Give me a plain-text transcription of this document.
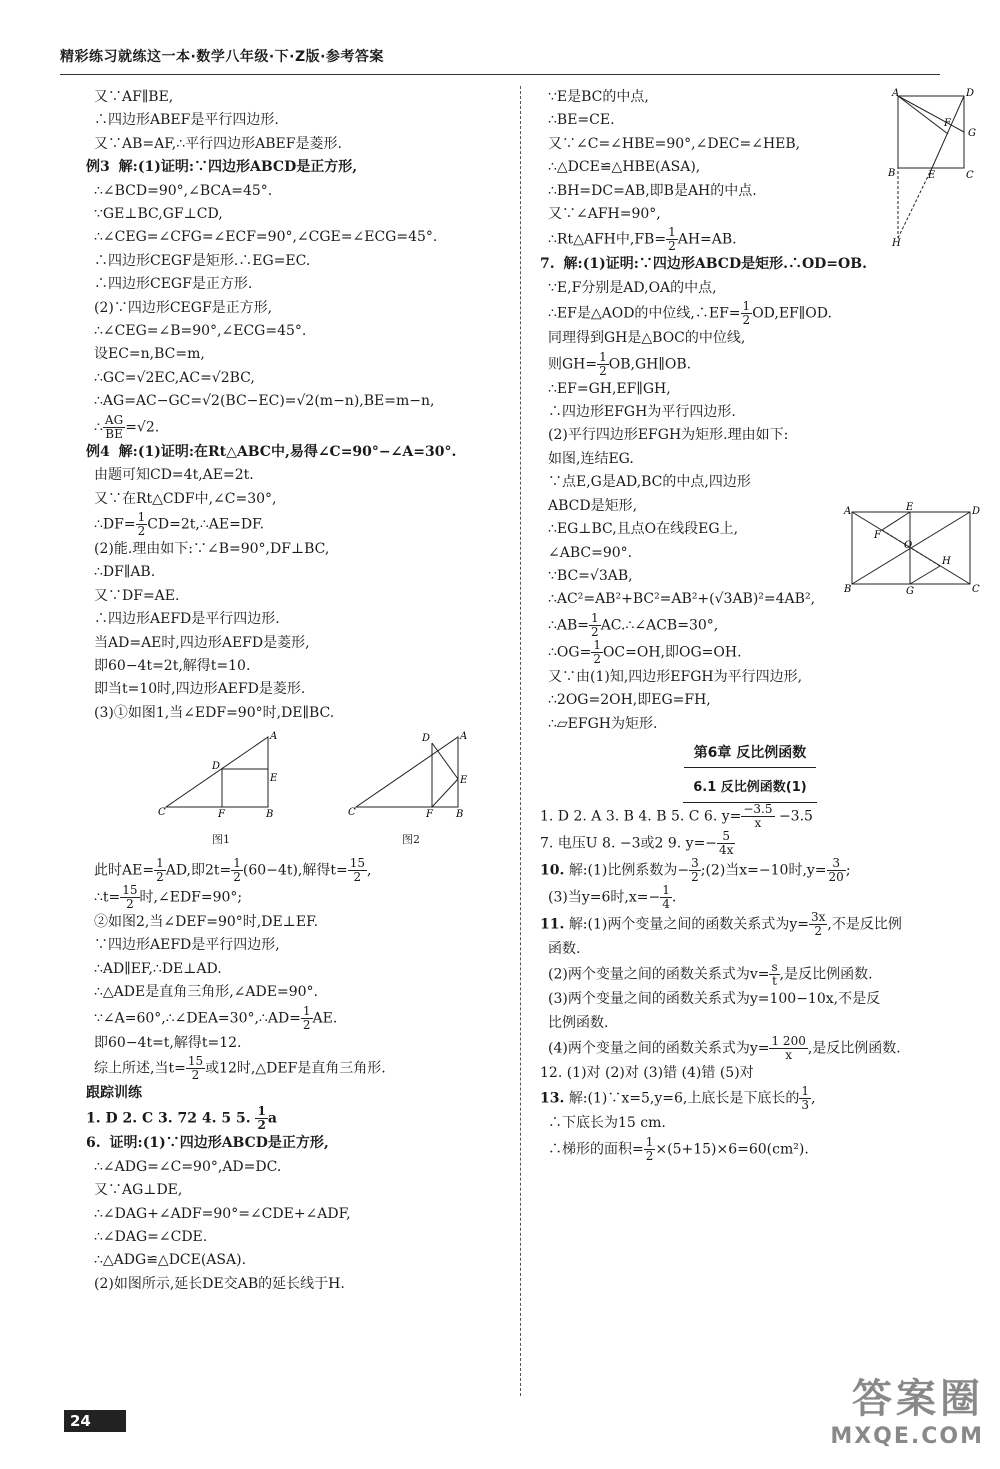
精彩练习就练这一本·数学八年级·下·Z版·参考答案
又∵AF∥BE,
∴四边形ABEF是平行四边形.
又∵AB=AF,∴平行四边形ABEF是菱形.
例3 解:(1)证明:∵四边形ABCD是正方形,
∴∠BCD=90°,∠BCA=45°.
∵GE⊥BC,GF⊥CD,
∴∠CEG=∠CFG=∠ECF=90°,∠CGE=∠ECG=45°.
∴四边形CEGF是矩形.∴EG=EC.
∴四边形CEGF是正方形.
(2)∵四边形CEGF是正方形,
∴∠CEG=∠B=90°,∠ECG=45°.
设EC=n,BC=m,
∴GC=√2EC,AC=√2BC,
∴AG=AC−GC=√2(BC−EC)=√2(m−n),BE=m−n,
∴ $\frac{AG}{BE} =√2$.
例4 解:(1)证明:在Rt△ABC中,易得∠C=90°−∠A=30°.
由题可知CD=4t,AE=2t.
又∵在Rt△CDF中,∠C=30°,
∴DF= $\frac{1}{2}$ CD=2t,∴AE=DF.
(2)能.理由如下:∵∠B=90°,DF⊥BC,
∴DF∥AB.
又∵DF=AE.
∴四边形AEFD是平行四边形.
当AD=AE时,四边形AEFD是菱形,
即60−4t=2t,解得t=10.
即当t=10时,四边形AEFD是菱形.
(3)①如图1,当∠EDF=90°时,DE∥BC.
A
D
E
C	F	B
图1
D	A
E
C	F B
图2
此时$AE= \frac{1}{2}$ AD,即$2t= \frac{1}{2} (60-4t)$,解得$t= \frac{15}{2}$ ,
∴t= $\frac{15}{2}$ 时,∠EDF=90°;
②如图2,当∠DEF=90°时,DE⊥EF.
∵四边形AEFD是平行四边形,
∴AD∥EF,∴DE⊥AD.
∴△ADE是直角三角形,∠ADE=90°.
∵∠A=60°,∴∠DEA=30°,∴AD= $\frac{1}{2}$ AE.
即60−4t=t,解得t=12.
综上所述,当$t= \frac{15}{2}$ 或12时,△DEF是直角三角形.
跟踪训练
1. D 2. C 3. 72 4. 5 5. $\frac{1}{2}$ a
6. 证明:(1)∵四边形ABCD是正方形,
∴∠ADG=∠C=90°,AD=DC.
又∵AG⊥DE,
∴∠DAG+∠ADF=90°=∠CDE+∠ADF,
∴∠DAG=∠CDE.
∴△ADG≌△DCE(ASA).
(2)如图所示,延长DE交AB的延长线于H.
∵E是BC的中点,
∴BE=CE.
又∵∠C=∠HBE=90°,∠DEC=∠HEB,
∴△DCE≌△HBE(ASA),
∴BH=DC=AB,即B是AH的中点.
又∵∠AFH=90°,
∴Rt△AFH中$,FB= \frac{1}{2} AH=AB$.
7. 解:(1)证明:∵四边形ABCD是矩形.∴OD=OB.
∵E,F分别是AD,OA的中点,
∴EF是△AOD的中位线,∴EF= $\frac{1}{2}$ OD,EF∥OD.
同理得到GH是△BOC的中位线,
则$GH= \frac{1}{2}$ OB,GH∥OB.
∴EF=GH,EF∥GH,
∴四边形EFGH为平行四边形.
(2)平行四边形EFGH为矩形.理由如下:
如图,连结EG.
∵点E,G是AD,BC的中点,四边形
ABCD是矩形,
∴EG⊥BC,且点O在线段EG上,
∠ABC=90°.
∵BC=√3AB,
∴AC²=AB²+BC²=AB²+(√3AB)²=4AB²,
∴AB= $\frac{1}{2}$ AC.∴∠ACB=30°,
∴OG= $\frac{1}{2} OC=OH$,即OG=OH.
又∵由(1)知,四边形EFGH为平行四边形,
∴2OG=2OH,即EG=FH,
∴▱EFGH为矩形.
第6章 反比例函数
6.1 反比例函数(1)
1. D 2. A 3. B 4. B 5. C 6. $y= \frac{-3.5}{x} -3.5$
7. 电压U 8. −3或2 9. $y=- \frac{5}{4x}$
10. 解:(1)比例系数为− $\frac{3}{2}$ ;(2)当x=−10时$,y= \frac{3}{20}$ ;
(3)当y=6时$,x=- \frac{1}{4}$ .
11. 解:(1)两个变量之间的函数关系式为$y= \frac{3x}{2}$ ,不是反比例
函数.
(2)两个变量之间的函数关系式为$v= \frac{s}{t}$ ,是反比例函数.
(3)两个变量之间的函数关系式为y=100−10x,不是反
比例函数.
(4)两个变量之间的函数关系式为$y= \frac{1 200}{x}$ ,是反比例函数.
12. (1)对 (2)对 (3)错 (4)错 (5)对
13. 解:(1)∵x=5,y=6,上底长是下底长的 $\frac{1}{3}$ ,
∴下底长为15 cm.
∴梯形的面积= $\frac{1}{2} \times(5+15)\times 6=60(cm^2)$.
A	D
G
F
B	E	C
H
A	E	D
F
O
H
B	G	C
24	答案圈
MXQE.COM
